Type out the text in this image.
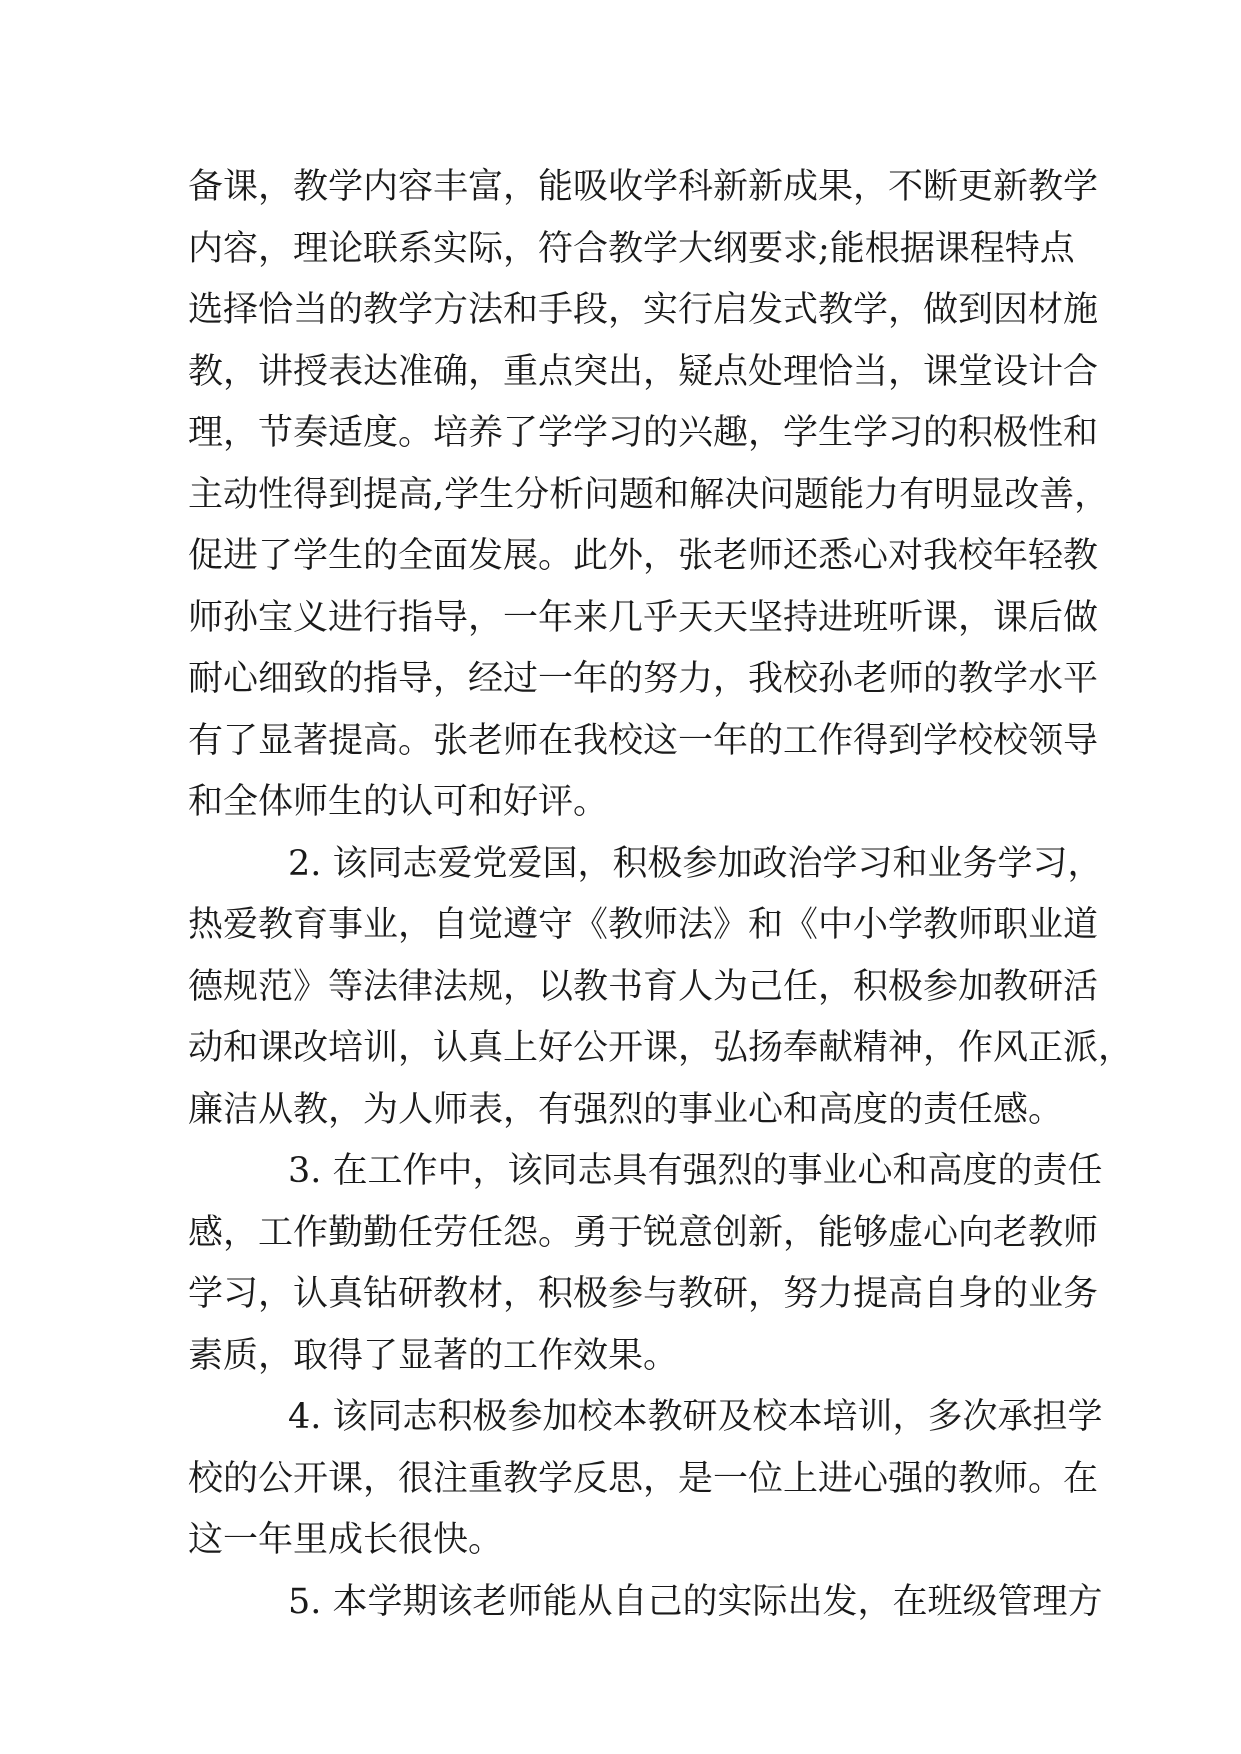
备课，教学内容丰富，能吸收学科新新成果，不断更新教学
内容，理论联系实际，符合教学大纲要求;能根据课程特点
选择恰当的教学方法和手段，实行启发式教学，做到因材施
教，讲授表达准确，重点突出，疑点处理恰当，课堂设计合
理，节奏适度。培养了学学习的兴趣，学生学习的积极性和
主动性得到提高,学生分析问题和解决问题能力有明显改善，
促进了学生的全面发展。此外，张老师还悉心对我校年轻教
师孙宝义进行指导，一年来几乎天天坚持进班听课，课后做
耐心细致的指导，经过一年的努力，我校孙老师的教学水平
有了显著提高。张老师在我校这一年的工作得到学校校领导
和全体师生的认可和好评。
2. 该同志爱党爱国，积极参加政治学习和业务学习，
热爱教育事业，自觉遵守《教师法》和《中小学教师职业道
德规范》等法律法规，以教书育人为己任，积极参加教研活
动和课改培训，认真上好公开课，弘扬奉献精神，作风正派，
廉洁从教，为人师表，有强烈的事业心和高度的责任感。
3. 在工作中，该同志具有强烈的事业心和高度的责任
感，工作勤勤任劳任怨。勇于锐意创新，能够虚心向老教师
学习，认真钻研教材，积极参与教研，努力提高自身的业务
素质，取得了显著的工作效果。
4. 该同志积极参加校本教研及校本培训，多次承担学
校的公开课，很注重教学反思，是一位上进心强的教师。在
这一年里成长很快。
5. 本学期该老师能从自己的实际出发，在班级管理方
